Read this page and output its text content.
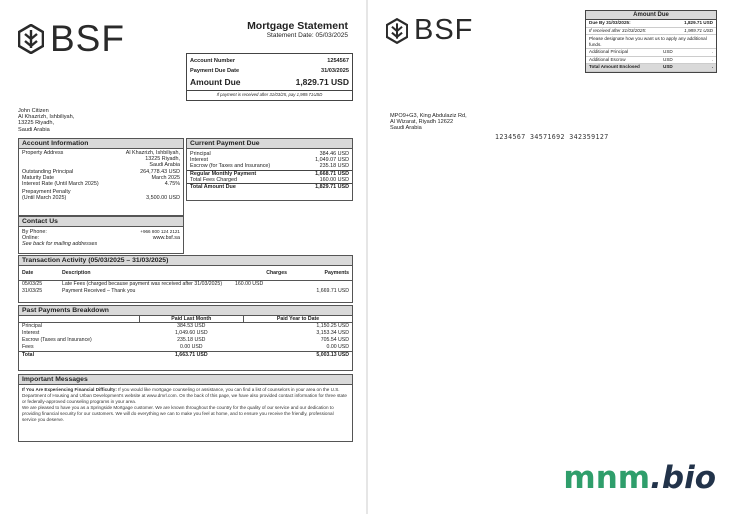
BSF	Mortgage Statement
Statement Date: 05/03/2025
Account Number	1254567
Payment Due Date	31/03/2025
Amount Due	1,829.71 USD
If payment is received after 31/03/25, pay 1,989.71USD
John Citizen
Al Khazrizh, Ishbiliyah,
13225 Riyadh,
Saudi Arabia
Account Information
Property Address	Al Khazrizh, Ishbiliyah,
13225 Riyadh,
Saudi Arabia
Outstanding Principal	264,778.43 USD
Maturity Date	March 2025
Interest Rate (Until March 2025)	4.75%
Prepayment Penalty
(Until March 2025)	3,500.00 USD
Contact Us
By Phone:	+966 800 124 2121
Online:	www.bsf.sa
See back for mailing addresses
Current Payment Due
Principal	384.46 USD
Interest	1,049.07 USD
Escrow (for Taxes and Insurance)	235.18 USD
Regular Monthly Payment	1,668.71 USD
Total Fees Charged	160.00 USD
Total Amount Due	1,829.71 USD
Transaction Activity (05/03/2025 – 31/03/2025)
Date	Description	Charges	Payments
05/03/25	Late Fees (charged because payment was received after 31/03/2025)	160.00 USD	
31/03/25	Payment Received – Thank you		1,669.71 USD
Past Payments Breakdown
	Paid Last Month	Paid Year to Date
Principal	384.53 USD	1,150.25 USD
Interest	1,049.60 USD	3,153.34 USD
Escrow (Taxes and Insurance)	235.18 USD	705.54 USD
Fees	0.00 USD	0.00 USD
Total	1,663.71 USD	5,003.13 USD
Important Messages

If You Are Experiencing Financial Difficulty: If you would like mortgage counseling or assistance, you can find a list of counselors in your area on the U.S. Department of Housing and Urban Development's website at www.dmrl.com. On the back of this page, we have also provided contact information for three state or federally-approved counseling programs in your area.

We are pleased to have you as a Springside Mortgage customer. We are known throughout the country for the quality of our service and our dedication to providing financial security for our customers. We will do everything we can to make you feel at home, and to ensure you receive the friendly, professional service you deserve.

BSF	Amount Due
Due By 31/03/2025:	1,829.71 USD
If received after 31/03/2025:	1,989.71 USD
Please designate how you want us to apply any additional funds.
Additional Principal	USD	.
Additional Escrow	USD	.
Total Amount Enclosed	USD	.
MPO9+G3, King Abdulaziz Rd,
Al Wizarat, Riyadh 12622
Saudi Arabia
1234567 34571692 342359127
mnm.bio
